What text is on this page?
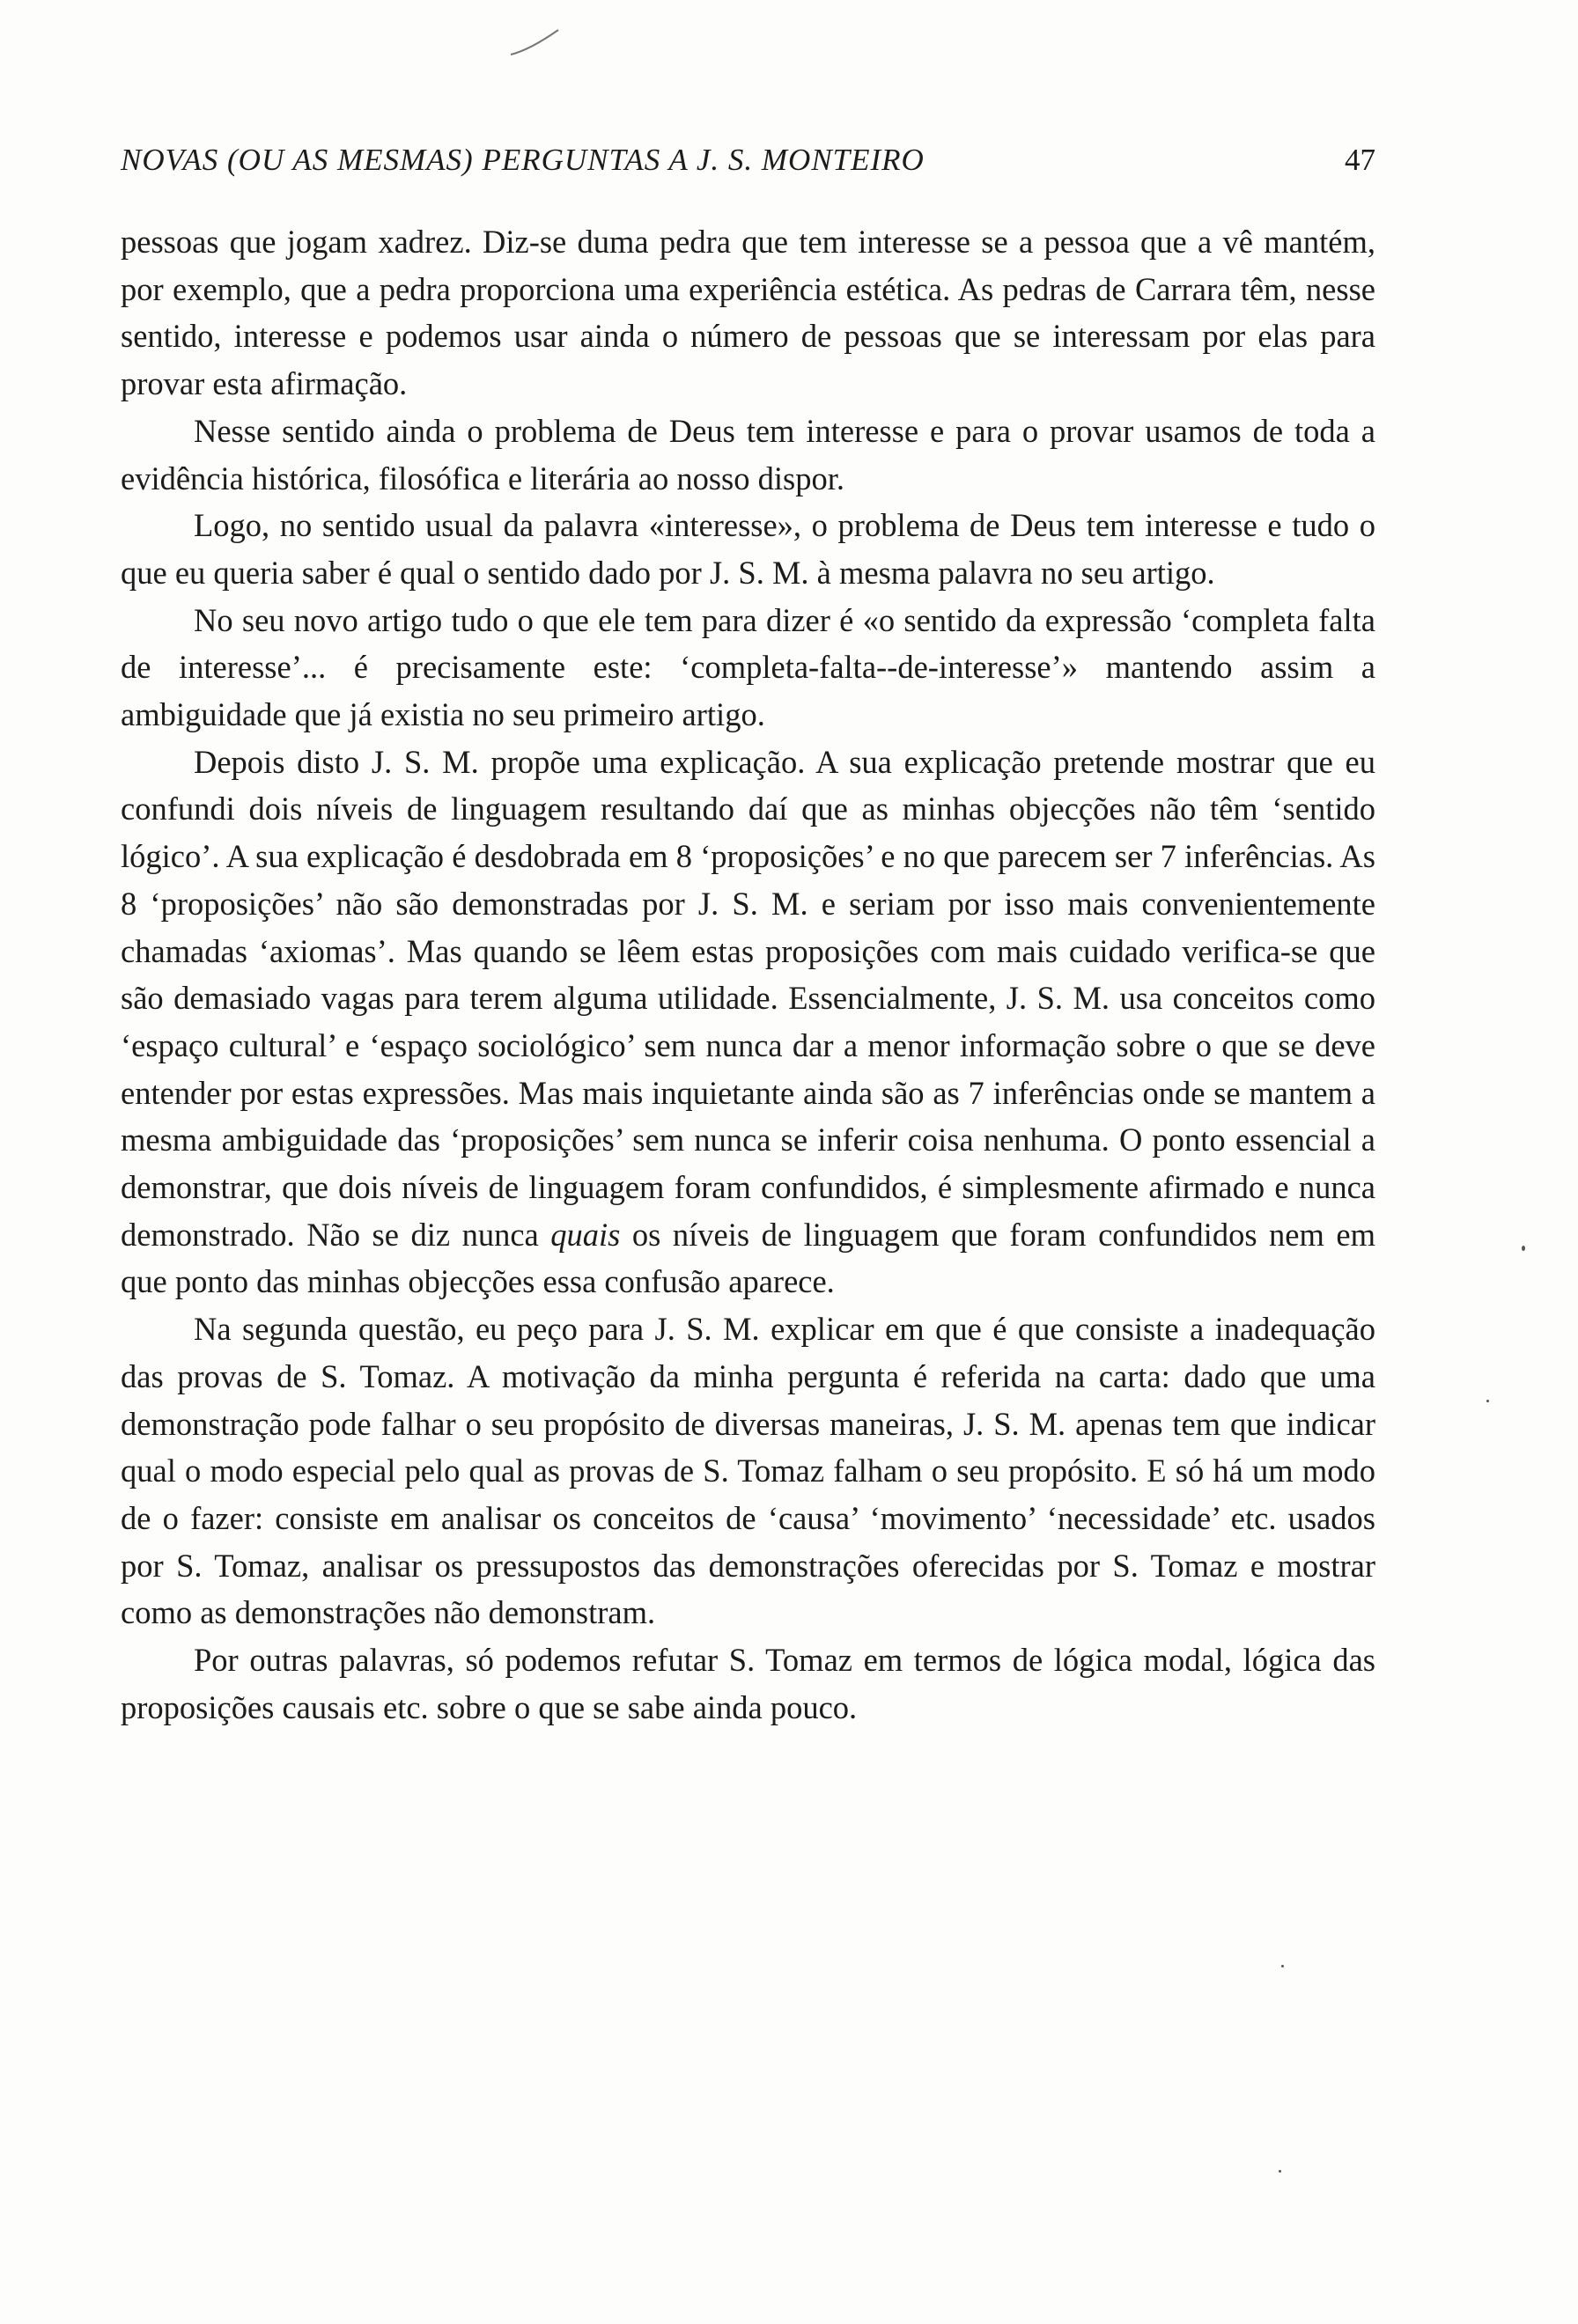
NOVAS (OU AS MESMAS) PERGUNTAS A J. S. MONTEIRO	47

pessoas que jogam xadrez. Diz-se duma pedra que tem interesse se a pessoa que a vê mantém, por exemplo, que a pedra proporciona uma experiência estética. As pedras de Carrara têm, nesse sentido, interesse e podemos usar ainda o número de pessoas que se interessam por elas para provar esta afirmação.

Nesse sentido ainda o problema de Deus tem interesse e para o provar usamos de toda a evidência histórica, filosófica e literária ao nosso dispor.

Logo, no sentido usual da palavra «interesse», o problema de Deus tem interesse e tudo o que eu queria saber é qual o sentido dado por J. S. M. à mesma palavra no seu artigo.

No seu novo artigo tudo o que ele tem para dizer é «o sentido da expressão ‘completa falta de interesse’... é precisamente este: ‘completa-falta--de-interesse’» mantendo assim a ambiguidade que já existia no seu primeiro artigo.

Depois disto J. S. M. propõe uma explicação. A sua explicação pretende mostrar que eu confundi dois níveis de linguagem resultando daí que as minhas objecções não têm ‘sentido lógico’. A sua explicação é desdobrada em 8 ‘proposições’ e no que parecem ser 7 inferências. As 8 ‘proposições’ não são demonstradas por J. S. M. e seriam por isso mais convenientemente chamadas ‘axiomas’. Mas quando se lêem estas proposições com mais cuidado verifica-se que são demasiado vagas para terem alguma utilidade. Essencialmente, J. S. M. usa conceitos como ‘espaço cultural’ e ‘espaço sociológico’ sem nunca dar a menor informação sobre o que se deve entender por estas expressões. Mas mais inquietante ainda são as 7 inferências onde se mantem a mesma ambiguidade das ‘proposições’ sem nunca se inferir coisa nenhuma. O ponto essencial a demonstrar, que dois níveis de linguagem foram confundidos, é simplesmente afirmado e nunca demonstrado. Não se diz nunca quais os níveis de linguagem que foram confundidos nem em que ponto das minhas objecções essa confusão aparece.

Na segunda questão, eu peço para J. S. M. explicar em que é que consiste a inadequação das provas de S. Tomaz. A motivação da minha pergunta é referida na carta: dado que uma demonstração pode falhar o seu propósito de diversas maneiras, J. S. M. apenas tem que indicar qual o modo especial pelo qual as provas de S. Tomaz falham o seu propósito. E só há um modo de o fazer: consiste em analisar os conceitos de ‘causa’ ‘movimento’ ‘necessidade’ etc. usados por S. Tomaz, analisar os pressupostos das demonstrações oferecidas por S. Tomaz e mostrar como as demonstrações não demonstram.

Por outras palavras, só podemos refutar S. Tomaz em termos de lógica modal, lógica das proposições causais etc. sobre o que se sabe ainda pouco.
